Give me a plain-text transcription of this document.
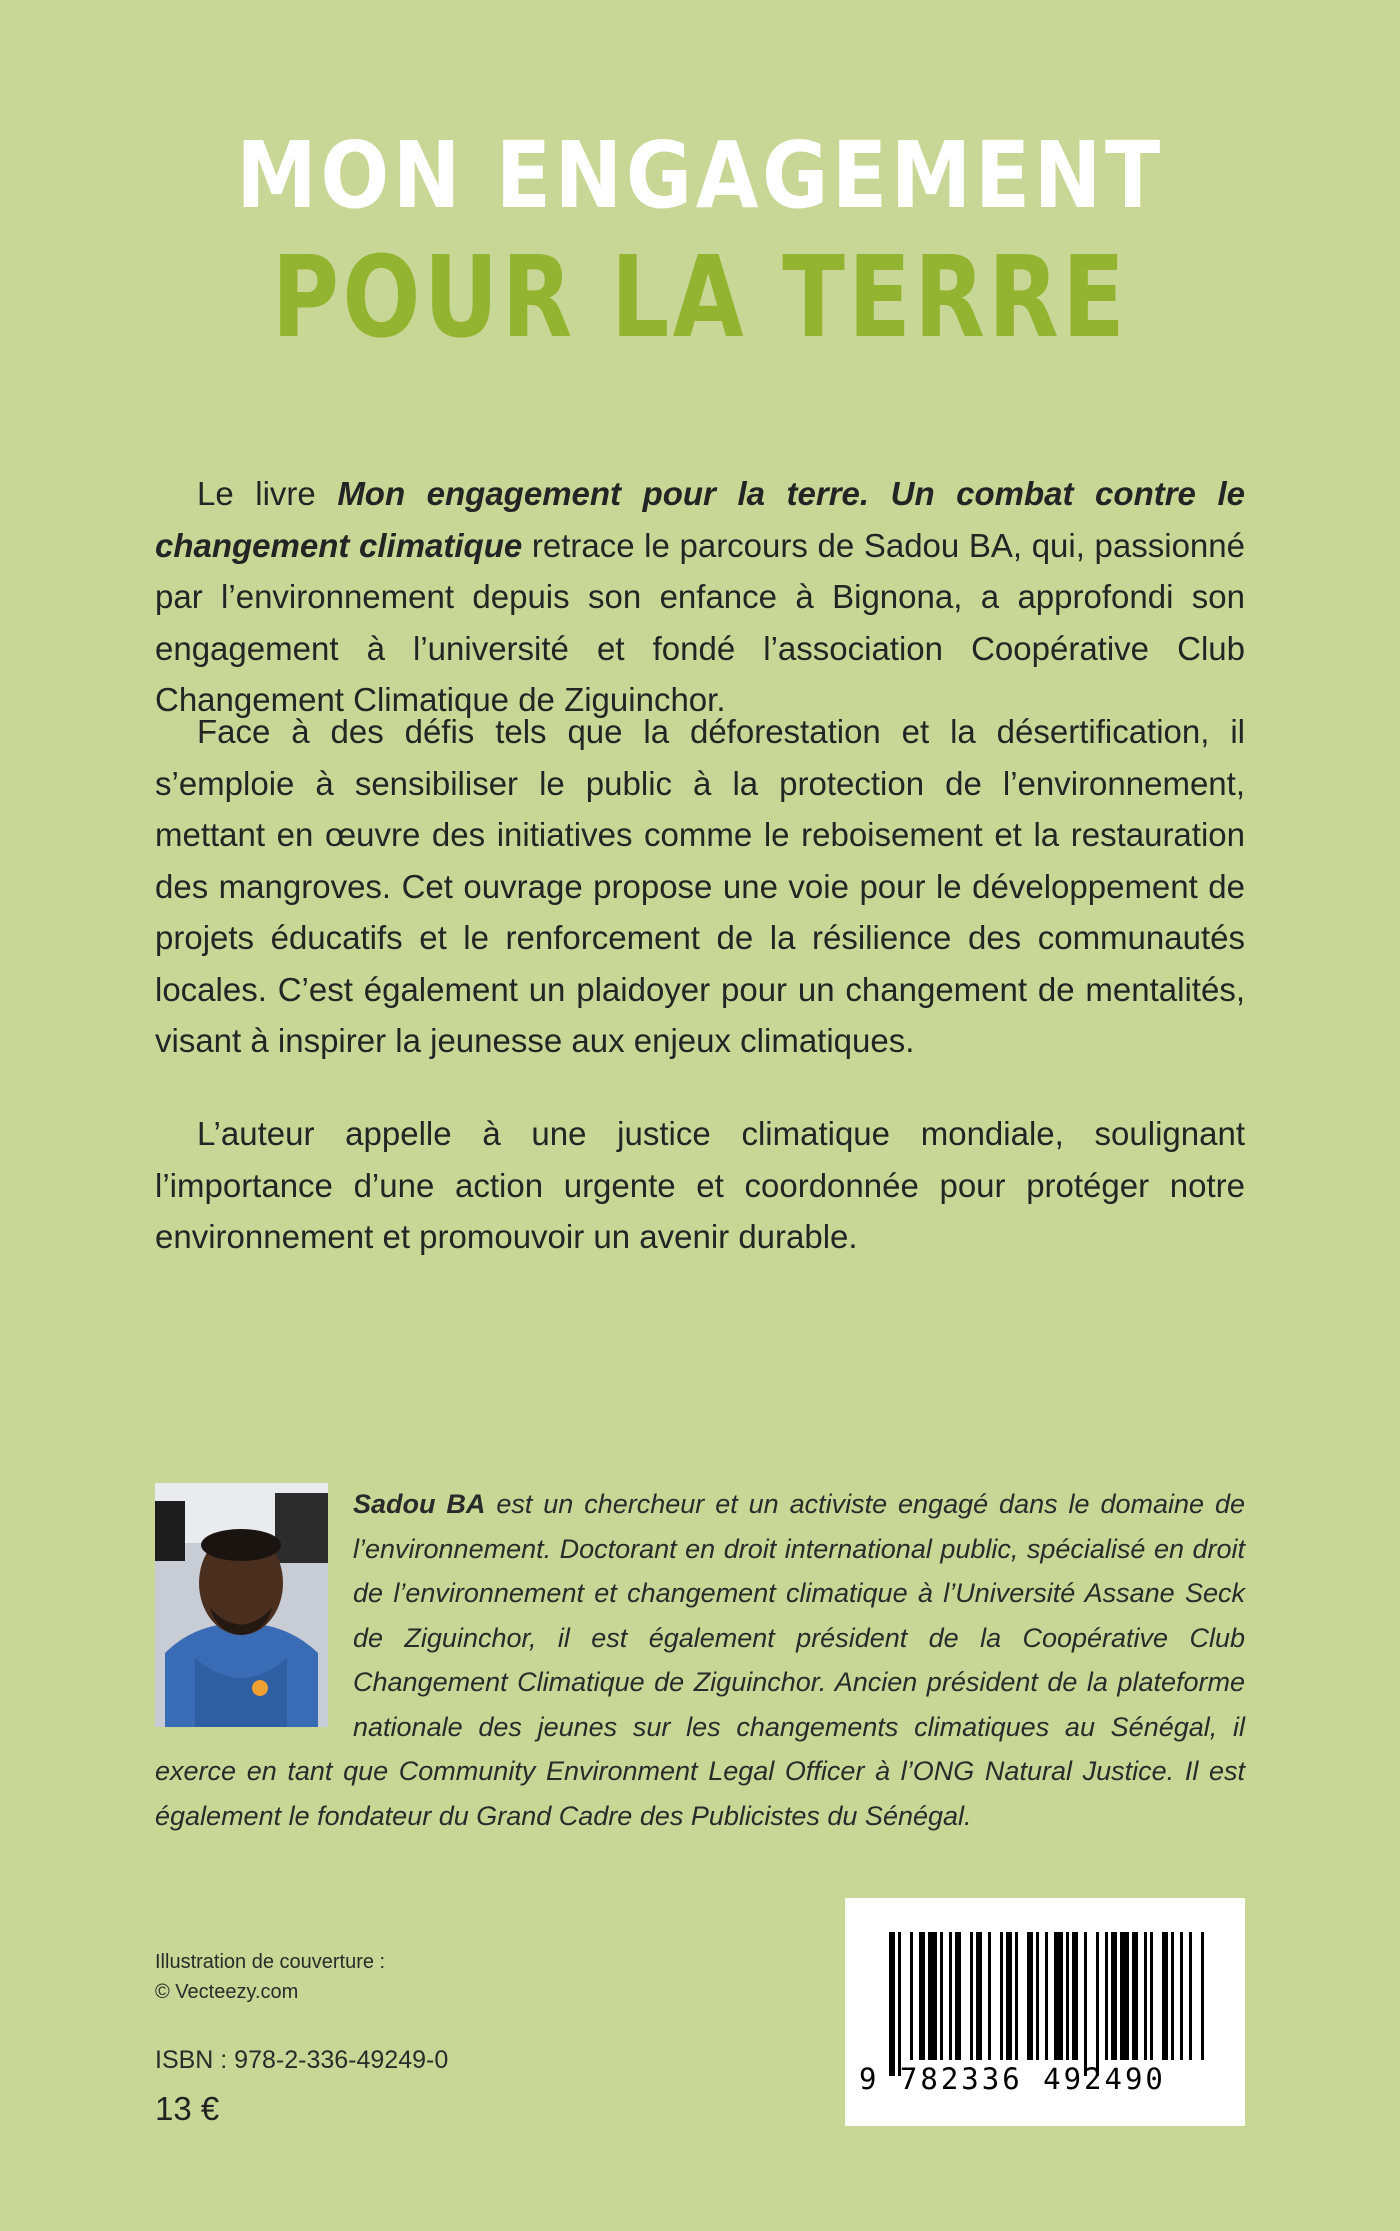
MON ENGAGEMENT
POUR LA TERRE

Le livre Mon engagement pour la terre. Un combat contre le changement climatique retrace le parcours de Sadou BA, qui, passionné par l’environnement depuis son enfance à Bignona, a approfondi son engagement à l’université et fondé l’association Coopérative Club Changement Climatique de Ziguinchor.

Face à des défis tels que la déforestation et la désertification, il s’emploie à sensibiliser le public à la protection de l’environnement, mettant en œuvre des initiatives comme le reboisement et la restauration des mangroves. Cet ouvrage propose une voie pour le développement de projets éducatifs et le renforcement de la résilience des communautés locales. C’est également un plaidoyer pour un changement de mentalités, visant à inspirer la jeunesse aux enjeux climatiques.

L’auteur appelle à une justice climatique mondiale, soulignant l’importance d’une action urgente et coordonnée pour protéger notre environnement et promouvoir un avenir durable.

Sadou BA est un chercheur et un activiste engagé dans le domaine de l’environnement. Doctorant en droit international public, spécialisé en droit de l’environnement et changement climatique à l’Université Assane Seck de Ziguinchor, il est également président de la Coopérative Club Changement Climatique de Ziguinchor. Ancien président de la plateforme nationale des jeunes sur les changements climatiques au Sénégal, il exerce en tant que Community Environment Legal Officer à l’ONG Natural Justice. Il est également le fondateur du Grand Cadre des Publicistes du Sénégal.

Illustration de couverture :
© Vecteezy.com
ISBN : 978-2-336-49249-0
13 €
9 782336 492490
